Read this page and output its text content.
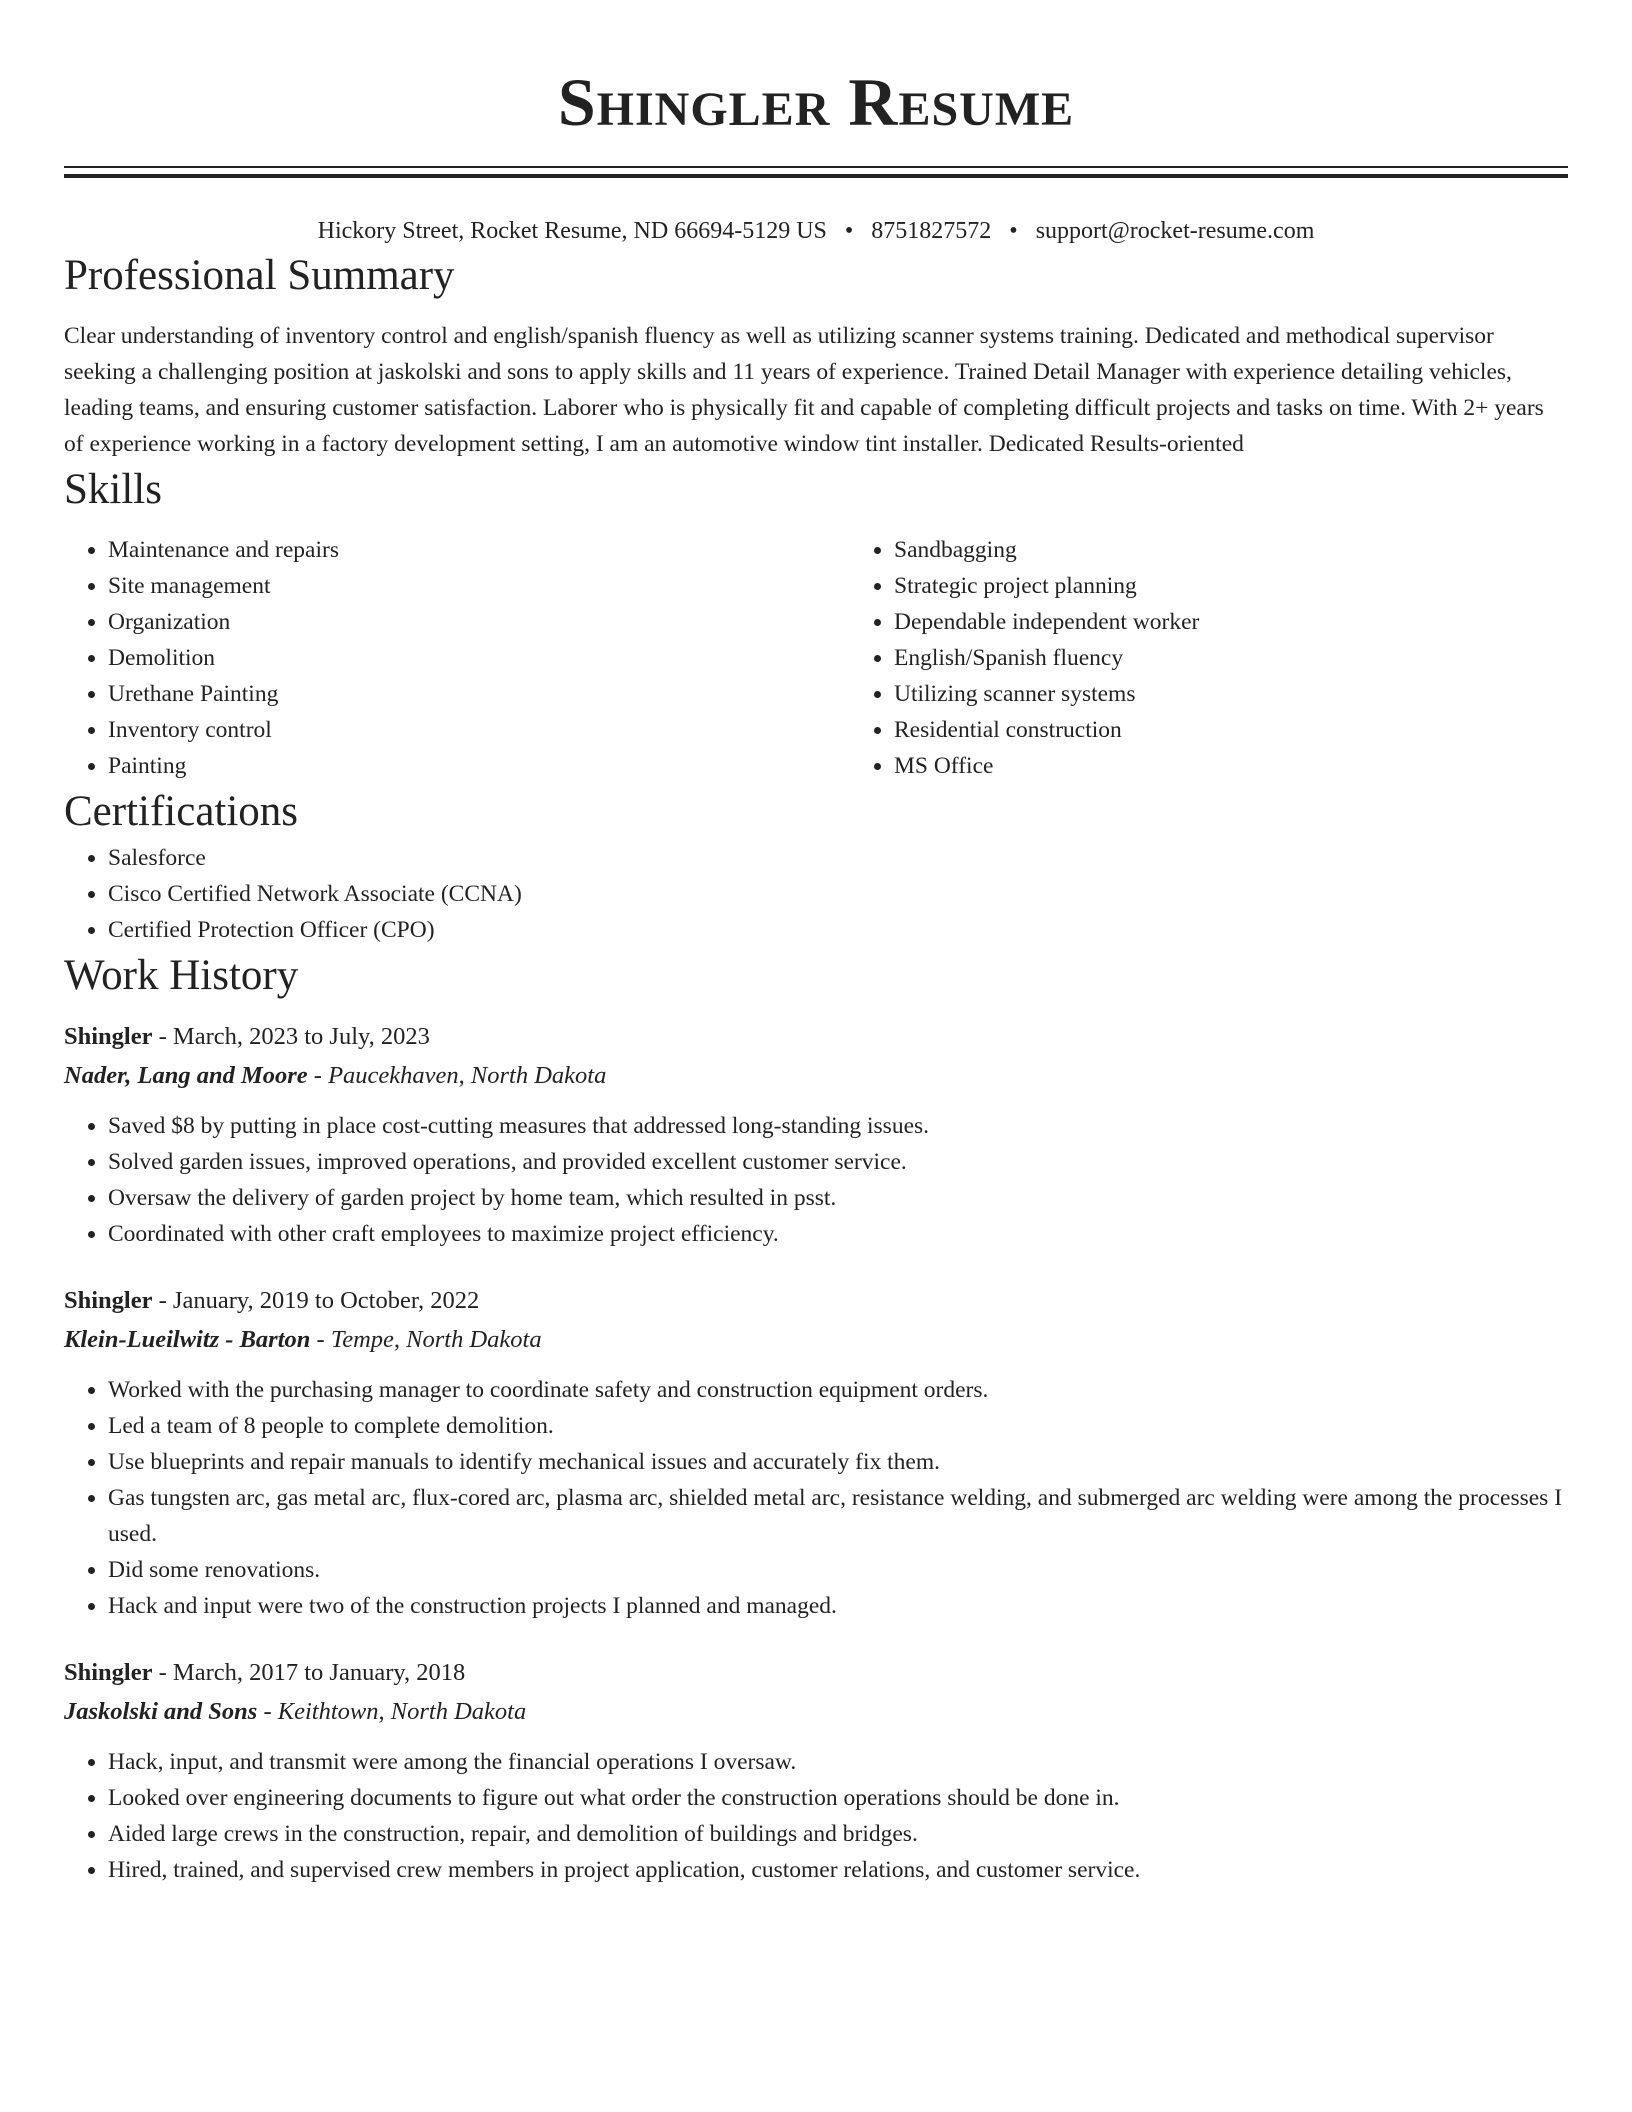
Shingler Resume
Hickory Street, Rocket Resume, ND 66694-5129 US • 8751827572 • support@rocket-resume.com
Professional Summary

Clear understanding of inventory control and english/spanish fluency as well as utilizing scanner systems training. Dedicated and methodical supervisor seeking a challenging position at jaskolski and sons to apply skills and 11 years of experience. Trained Detail Manager with experience detailing vehicles, leading teams, and ensuring customer satisfaction. Laborer who is physically fit and capable of completing difficult projects and tasks on time. With 2+ years of experience working in a factory development setting, I am an automotive window tint installer. Dedicated Results-oriented

Skills
• Maintenance and repairs
• Site management
• Organization
• Demolition
• Urethane Painting
• Inventory control
• Painting
• Sandbagging
• Strategic project planning
• Dependable independent worker
• English/Spanish fluency
• Utilizing scanner systems
• Residential construction
• MS Office
Certifications
• Salesforce
• Cisco Certified Network Associate (CCNA)
• Certified Protection Officer (CPO)
Work History
Shingler - March, 2023 to July, 2023
Nader, Lang and Moore - Paucekhaven, North Dakota
• Saved $8 by putting in place cost-cutting measures that addressed long-standing issues.
• Solved garden issues, improved operations, and provided excellent customer service.
• Oversaw the delivery of garden project by home team, which resulted in psst.
• Coordinated with other craft employees to maximize project efficiency.
Shingler - January, 2019 to October, 2022
Klein-Lueilwitz - Barton - Tempe, North Dakota
• Worked with the purchasing manager to coordinate safety and construction equipment orders.
• Led a team of 8 people to complete demolition.
• Use blueprints and repair manuals to identify mechanical issues and accurately fix them.
• Gas tungsten arc, gas metal arc, flux-cored arc, plasma arc, shielded metal arc, resistance welding, and submerged arc welding were among the processes I used.
• Did some renovations.
• Hack and input were two of the construction projects I planned and managed.
Shingler - March, 2017 to January, 2018
Jaskolski and Sons - Keithtown, North Dakota
• Hack, input, and transmit were among the financial operations I oversaw.
• Looked over engineering documents to figure out what order the construction operations should be done in.
• Aided large crews in the construction, repair, and demolition of buildings and bridges.
• Hired, trained, and supervised crew members in project application, customer relations, and customer service.
